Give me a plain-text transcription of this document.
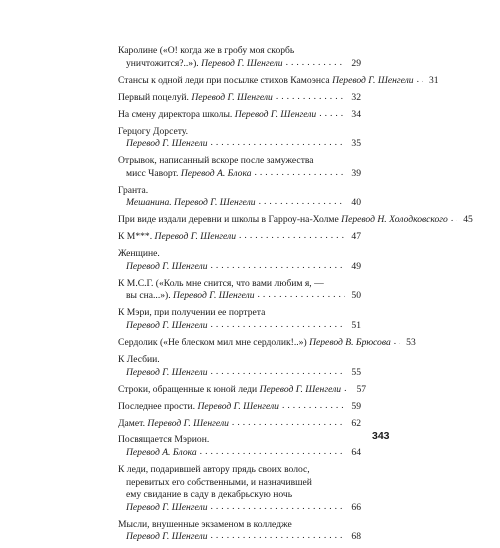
Каролине («О! когда же в гробу моя скорбь
уничтожится?..»).
Перевод Г. Шенгели . . .	29
Стансы к одной леди при посылке стихов Камоэнса
Перевод Г. Шенгели . . .	31
Первый поцелуй.
Перевод Г. Шенгели . . .	32
На смену директора школы.
Перевод Г. Шенгели . . .	34
Герцогу Дорсету.
Перевод Г. Шенгели . . .	35
Отрывок, написанный вскоре после замужества
мисс Чаворт.
Перевод А. Блока . . .	39
Гранта.
Мешанина. Перевод Г. Шенгели . . .	40
При виде издали деревни и школы в Гарроу-на-Холме
Перевод Н. Холодковского . . .	45
К М***.
Перевод Г. Шенгели . . .	47
Женщине.
Перевод Г. Шенгели . . .	49
К М.С.Г. («Коль мне снится, что вами любим я, —
вы сна...»).
Перевод Г. Шенгели . . .	50
К Мэри, при получении ее портрета
Перевод Г. Шенгели . . .	51
Сердолик («Не блеском мил мне сердолик!..»)
Перевод В. Брюсова . . .	53
К Лесбии.
Перевод Г. Шенгели . . .	55
Строки, обращенные к юной леди
Перевод Г. Шенгели . . .	57
Последнее прости.
Перевод Г. Шенгели . . .	59
Дамет.
Перевод Г. Шенгели . . .	62
Посвящается Мэрион.
Перевод А. Блока . . .	64
К леди, подарившей автору прядь своих волос,
перевитых его собственными, и назначившей
ему свидание в саду в декабрьскую ночь
Перевод Г. Шенгели . . .	66
Мысли, внушенные экзаменом в колледже
Перевод Г. Шенгели . . .	68
343
